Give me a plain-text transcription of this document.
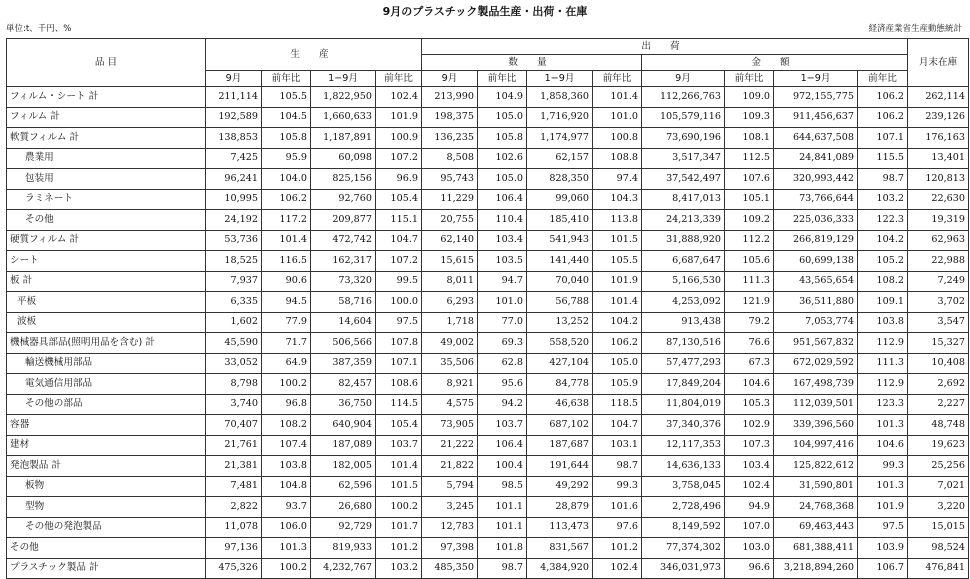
9月のプラスチック製品生産・出荷・在庫
単位:t、千円、%	経済産業省生産動態統計
品 目	生 産				出 荷								月末在庫
					数 量				金 額				
	9月	前年比	1−9月	前年比	9月	前年比	1−9月	前年比	9月	前年比	1−9月	前年比	
フィルム・シート 計	211,114	105.5	1,822,950	102.4	213,990	104.9	1,858,360	101.4	112,266,763	109.0	972,155,775	106.2	262,114
フィルム 計	192,589	104.5	1,660,633	101.9	198,375	105.0	1,716,920	101.0	105,579,116	109.3	911,456,637	106.2	239,126
軟質フィルム 計	138,853	105.8	1,187,891	100.9	136,235	105.8	1,174,977	100.8	73,690,196	108.1	644,637,508	107.1	176,163
農業用	7,425	95.9	60,098	107.2	8,508	102.6	62,157	108.8	3,517,347	112.5	24,841,089	115.5	13,401
包装用	96,241	104.0	825,156	96.9	95,743	105.0	828,350	97.4	37,542,497	107.6	320,993,442	98.7	120,813
ラミネート	10,995	106.2	92,760	105.4	11,229	106.4	99,060	104.3	8,417,013	105.1	73,766,644	103.2	22,630
その他	24,192	117.2	209,877	115.1	20,755	110.4	185,410	113.8	24,213,339	109.2	225,036,333	122.3	19,319
硬質フィルム 計	53,736	101.4	472,742	104.7	62,140	103.4	541,943	101.5	31,888,920	112.2	266,819,129	104.2	62,963
シート	18,525	116.5	162,317	107.2	15,615	103.5	141,440	105.5	6,687,647	105.6	60,699,138	105.2	22,988
板 計	7,937	90.6	73,320	99.5	8,011	94.7	70,040	101.9	5,166,530	111.3	43,565,654	108.2	7,249
平板	6,335	94.5	58,716	100.0	6,293	101.0	56,788	101.4	4,253,092	121.9	36,511,880	109.1	3,702
波板	1,602	77.9	14,604	97.5	1,718	77.0	13,252	104.2	913,438	79.2	7,053,774	103.8	3,547
機械器具部品(照明用品を含む) 計	45,590	71.7	506,566	107.8	49,002	69.3	558,520	106.2	87,130,516	76.6	951,567,832	112.9	15,327
輸送機械用部品	33,052	64.9	387,359	107.1	35,506	62.8	427,104	105.0	57,477,293	67.3	672,029,592	111.3	10,408
電気通信用部品	8,798	100.2	82,457	108.6	8,921	95.6	84,778	105.9	17,849,204	104.6	167,498,739	112.9	2,692
その他の部品	3,740	96.8	36,750	114.5	4,575	94.2	46,638	118.5	11,804,019	105.3	112,039,501	123.3	2,227
容器	70,407	108.2	640,904	105.4	73,905	103.7	687,102	104.7	37,340,376	102.9	339,396,560	101.3	48,748
建材	21,761	107.4	187,089	103.7	21,222	106.4	187,687	103.1	12,117,353	107.3	104,997,416	104.6	19,623
発泡製品 計	21,381	103.8	182,005	101.4	21,822	100.4	191,644	98.7	14,636,133	103.4	125,822,612	99.3	25,256
板物	7,481	104.8	62,596	101.5	5,794	98.5	49,292	99.3	3,758,045	102.4	31,590,801	101.3	7,021
型物	2,822	93.7	26,680	100.2	3,245	101.1	28,879	101.6	2,728,496	94.9	24,768,368	101.9	3,220
その他の発泡製品	11,078	106.0	92,729	101.7	12,783	101.1	113,473	97.6	8,149,592	107.0	69,463,443	97.5	15,015
その他	97,136	101.3	819,933	101.2	97,398	101.8	831,567	101.2	77,374,302	103.0	681,388,411	103.9	98,524
プラスチック製品 計	475,326	100.2	4,232,767	103.2	485,350	98.7	4,384,920	102.4	346,031,973	96.6	3,218,894,260	106.7	476,841
